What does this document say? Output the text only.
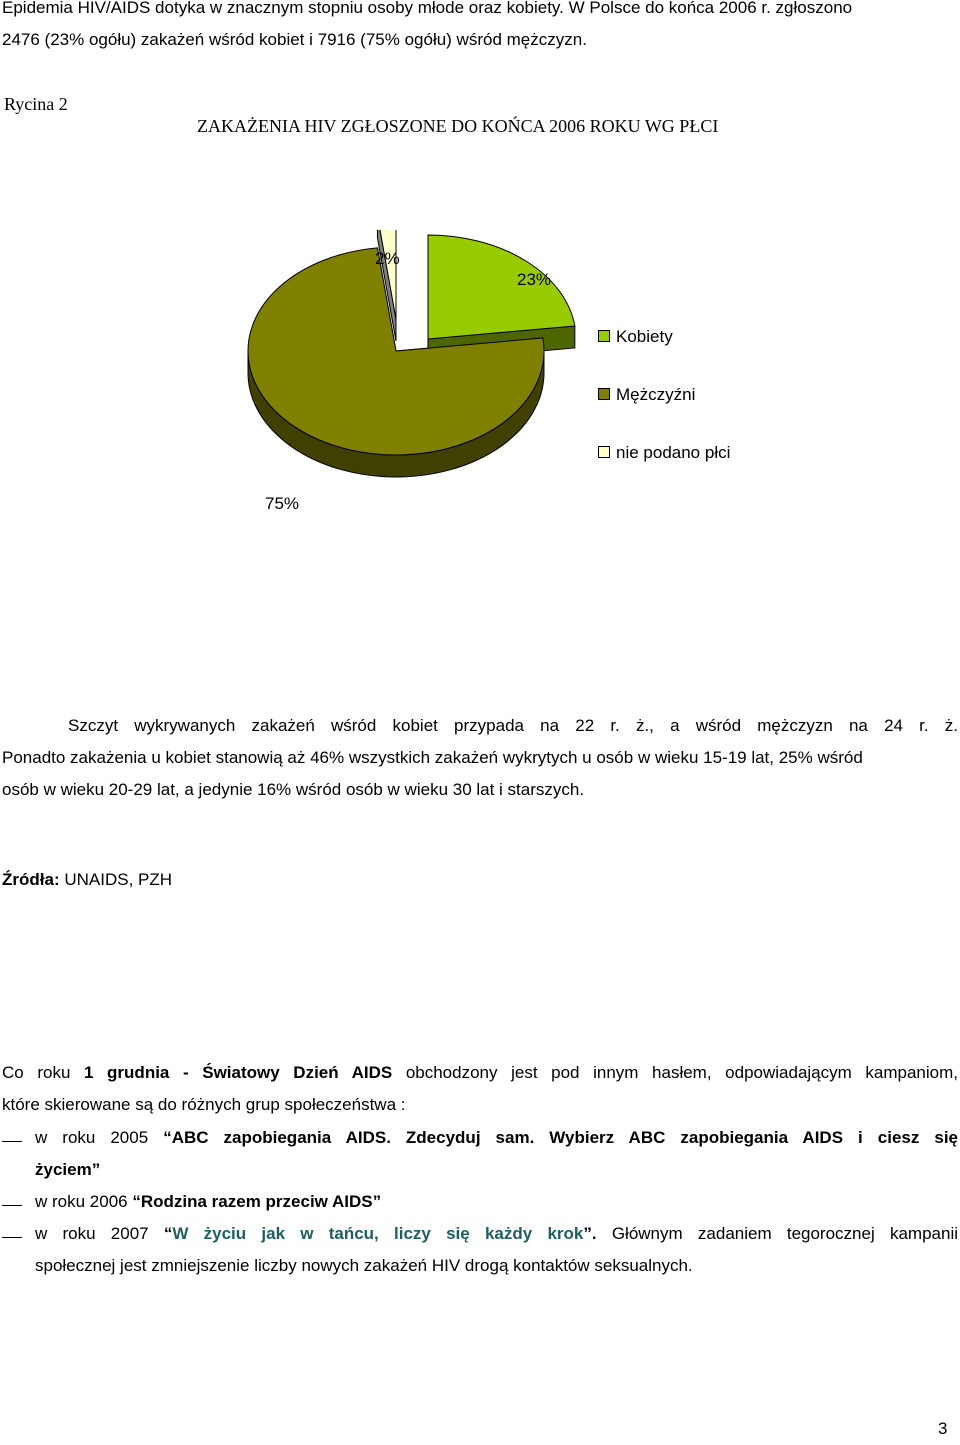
Epidemia HIV/AIDS dotyka w znacznym stopniu osoby młode oraz kobiety. W Polsce do końca 2006 r. zgłoszono
2476 (23% ogółu) zakażeń wśród kobiet i 7916 (75% ogółu) wśród mężczyzn.
Rycina 2
ZAKAŻENIA HIV ZGŁOSZONE DO KOŃCA 2006 ROKU WG PŁCI
2%
23%
75%
Kobiety
Mężczyźni
nie podano płci
Szczyt wykrywanych zakażeń wśród kobiet przypada na 22 r. ż., a wśród mężczyzn na 24 r. ż.
Ponadto zakażenia u kobiet stanowią aż 46% wszystkich zakażeń wykrytych u osób w wieku 15-19 lat, 25% wśród
osób w wieku 20-29 lat, a jedynie 16% wśród osób w wieku 30 lat i starszych.
Źródła: UNAIDS, PZH
Co roku 1 grudnia - Światowy Dzień AIDS obchodzony jest pod innym hasłem, odpowiadającym kampaniom,
które skierowane są do różnych grup społeczeństwa :
w roku 2005 “ABC zapobiegania AIDS. Zdecyduj sam. Wybierz ABC zapobiegania AIDS i ciesz się
życiem”
w roku 2006 “Rodzina razem przeciw AIDS”
w roku 2007 “W życiu jak w tańcu, liczy się każdy krok”. Głównym zadaniem tegorocznej kampanii
społecznej jest zmniejszenie liczby nowych zakażeń HIV drogą kontaktów seksualnych.
3
